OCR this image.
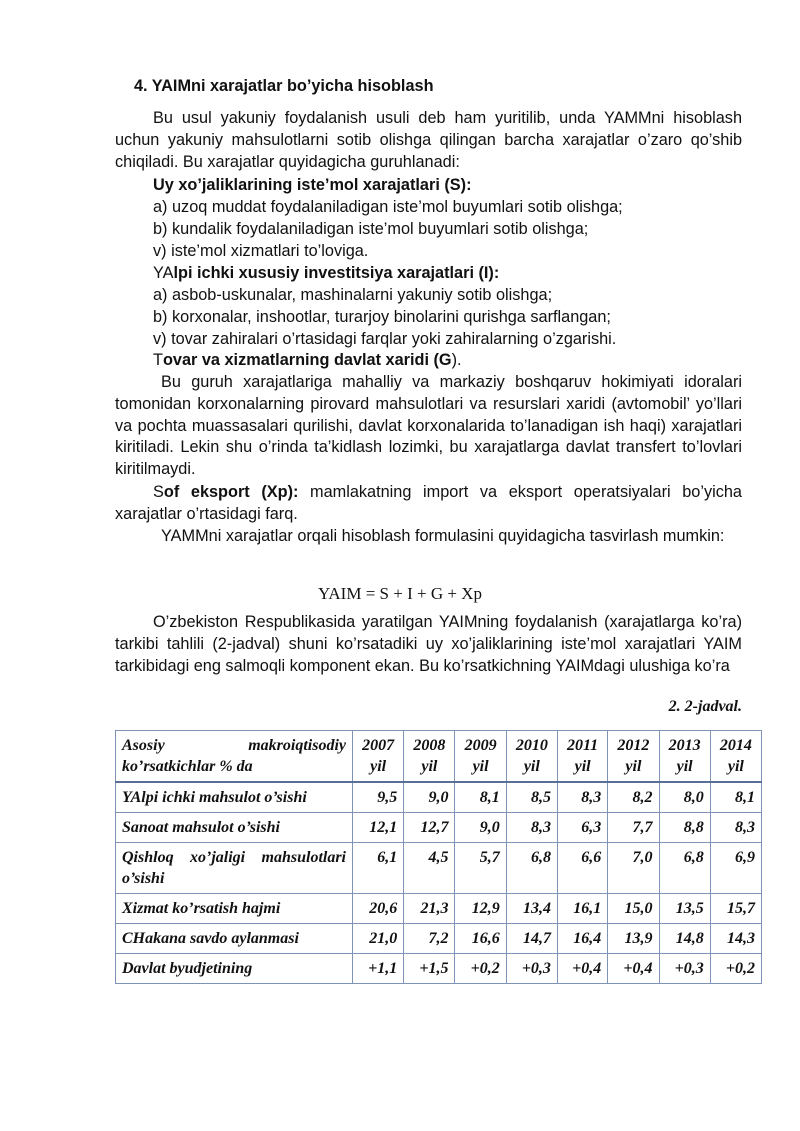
4. YAIMni xarajatlar bo’yicha hisoblash
Bu usul yakuniy foydalanish usuli deb ham yuritilib, unda YAMMni hisoblash uchun yakuniy mahsulotlarni sotib olishga qilingan barcha xarajatlar o’zaro qo’shib chiqiladi. Bu xarajatlar quyidagicha guruhlanadi:
Uy xo’jaliklarining iste’mol xarajatlari (S):
a) uzoq muddat foydalaniladigan iste’mol buyumlari sotib olishga;
b) kundalik foydalaniladigan iste’mol buyumlari sotib olishga;
v) iste’mol xizmatlari to’loviga.
YAlpi ichki xususiy investitsiya xarajatlari (I):
a) asbob-uskunalar, mashinalarni yakuniy sotib olishga;
b) korxonalar, inshootlar, turarjoy binolarini qurishga sarflangan;
v) tovar zahiralari o’rtasidagi farqlar yoki zahiralarning o’zgarishi.
Tovar va xizmatlarning davlat xaridi (G).
Bu guruh xarajatlariga mahalliy va markaziy boshqaruv hokimiyati idoralari tomonidan korxonalarning pirovard mahsulotlari va resurslari xaridi (avtomobil’ yo’llari va pochta muassasalari qurilishi, davlat korxonalarida to’lanadigan ish haqi) xarajatlari kiritiladi. Lekin shu o’rinda ta’kidlash lozimki, bu xarajatlarga davlat transfert to’lovlari kiritilmaydi.
Sof eksport (Xp): mamlakatning import va eksport operatsiyalari bo’yicha xarajatlar o’rtasidagi farq.
YAMMni xarajatlar orqali hisoblash formulasini quyidagicha tasvirlash mumkin:
YAIM = S + I + G + Xp
O’zbekiston Respublikasida yaratilgan YAIMning foydalanish (xarajatlarga ko’ra) tarkibi tahlili (2-jadval) shuni ko’rsatadiki uy xo’jaliklarining iste’mol xarajatlari YAIM tarkibidagi eng salmoqli komponent ekan. Bu ko’rsatkichning YAIMdagi ulushiga ko’ra
2. 2-jadval.
Asosiy makroiqtisodiy ko’rsatkichlar % da	2007 yil	2008 yil	2009 yil	2010 yil	2011 yil	2012 yil	2013 yil	2014 yil
YAlpi ichki mahsulot o’sishi	9,5	9,0	8,1	8,5	8,3	8,2	8,0	8,1
Sanoat mahsulot o’sishi	12,1	12,7	9,0	8,3	6,3	7,7	8,8	8,3
Qishloq xo’jaligi mahsulotlari o’sishi	6,1	4,5	5,7	6,8	6,6	7,0	6,8	6,9
Xizmat ko’rsatish hajmi	20,6	21,3	12,9	13,4	16,1	15,0	13,5	15,7
CHakana savdo aylanmasi	21,0	7,2	16,6	14,7	16,4	13,9	14,8	14,3
Davlat byudjetining	+1,1	+1,5	+0,2	+0,3	+0,4	+0,4	+0,3	+0,2
